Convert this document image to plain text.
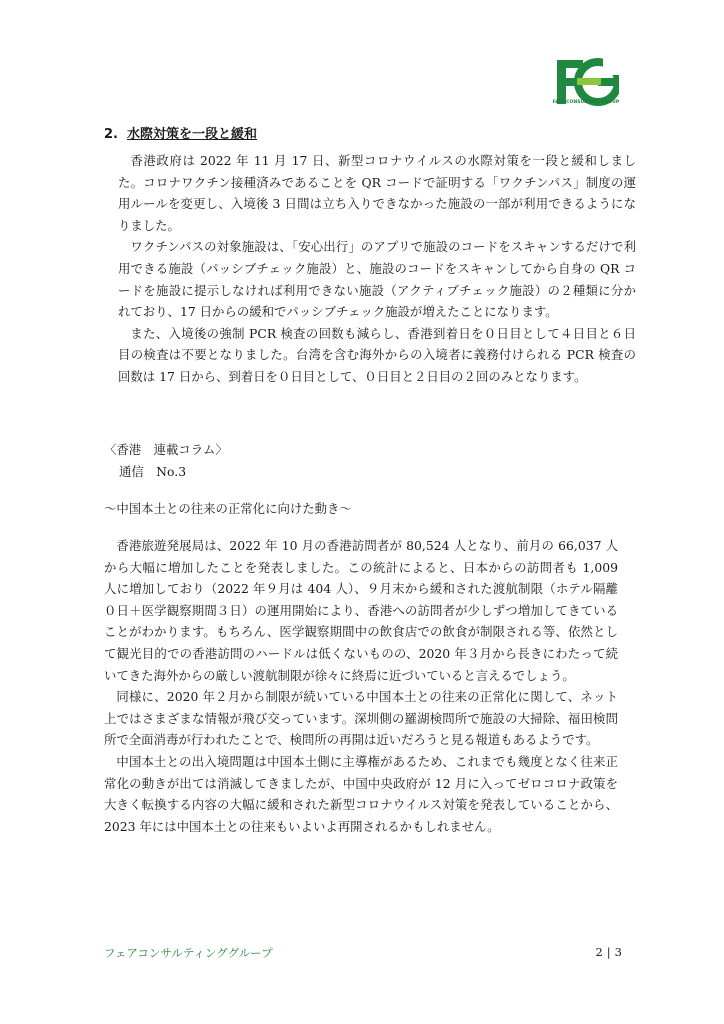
FAIR CONSULTING GROUP
2. 水際対策を一段と緩和

香港政府は 2022 年 11 月 17 日、新型コロナウイルスの水際対策を一段と緩和しました。コロナワクチン接種済みであることを QR コードで証明する「ワクチンパス」制度の運用ルールを変更し、入境後 3 日間は立ち入りできなかった施設の一部が利用できるようになりました。

ワクチンパスの対象施設は、「安心出行」のアプリで施設のコードをスキャンするだけで利用できる施設（パッシブチェック施設）と、施設のコードをスキャンしてから自身の QR コードを施設に提示しなければ利用できない施設（アクティブチェック施設）の２種類に分かれており、17 日からの緩和でパッシブチェック施設が増えたことになります。

また、入境後の強制 PCR 検査の回数も減らし、香港到着日を０日目として４日目と６日目の検査は不要となりました。台湾を含む海外からの入境者に義務付けられる PCR 検査の回数は 17 日から、到着日を０日目として、０日目と２日目の２回のみとなります。

〈香港　連載コラム〉

通信　No.3

～中国本土との往来の正常化に向けた動き～

香港旅遊発展局は、2022 年 10 月の香港訪問者が 80,524 人となり、前月の 66,037 人から大幅に増加したことを発表しました。この統計によると、日本からの訪問者も 1,009 人に増加しており（2022 年９月は 404 人）、９月末から緩和された渡航制限（ホテル隔離０日＋医学観察期間３日）の運用開始により、香港への訪問者が少しずつ増加してきていることがわかります。もちろん、医学観察期間中の飲食店での飲食が制限される等、依然として観光目的での香港訪問のハードルは低くないものの、2020 年３月から長きにわたって続いてきた海外からの厳しい渡航制限が徐々に終焉に近づいていると言えるでしょう。

同様に、2020 年２月から制限が続いている中国本土との往来の正常化に関して、ネット上ではさまざまな情報が飛び交っています。深圳側の羅湖検問所で施設の大掃除、福田検問所で全面消毒が行われたことで、検問所の再開は近いだろうと見る報道もあるようです。

中国本土との出入境問題は中国本土側に主導権があるため、これまでも幾度となく往来正常化の動きが出ては消滅してきましたが、中国中央政府が 12 月に入ってゼロコロナ政策を大きく転換する内容の大幅に緩和された新型コロナウイルス対策を発表していることから、2023 年には中国本土との往来もいよいよ再開されるかもしれません。

フェアコンサルティンググループ	2 | 3
